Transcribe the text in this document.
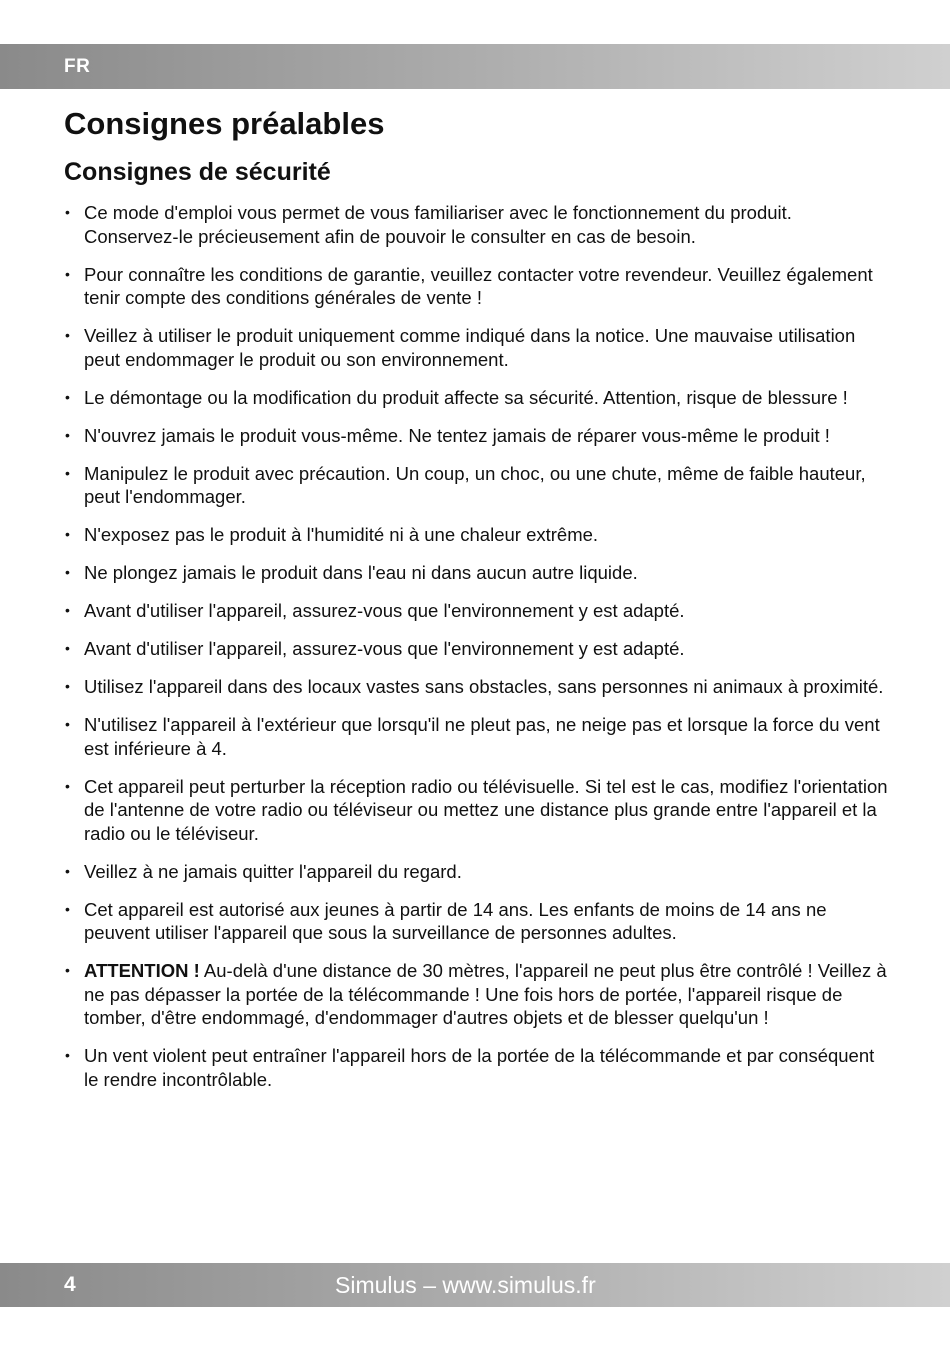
FR
Consignes préalables
Consignes de sécurité
• Ce mode d'emploi vous permet de vous familiariser avec le fonctionnement du produit. Conservez-le précieusement afin de pouvoir le consulter en cas de besoin.
• Pour connaître les conditions de garantie, veuillez contacter votre revendeur. Veuillez également tenir compte des conditions générales de vente !
• Veillez à utiliser le produit uniquement comme indiqué dans la notice. Une mauvaise utilisation peut endommager le produit ou son environnement.
• Le démontage ou la modification du produit affecte sa sécurité. Attention, risque de blessure !
• N'ouvrez jamais le produit vous-même. Ne tentez jamais de réparer vous-même le produit !
• Manipulez le produit avec précaution. Un coup, un choc, ou une chute, même de faible hauteur, peut l'endommager.
• N'exposez pas le produit à l'humidité ni à une chaleur extrême.
• Ne plongez jamais le produit dans l'eau ni dans aucun autre liquide.
• Avant d'utiliser l'appareil, assurez-vous que l'environnement y est adapté.
• Avant d'utiliser l'appareil, assurez-vous que l'environnement y est adapté.
• Utilisez l'appareil dans des locaux vastes sans obstacles, sans personnes ni animaux à proximité.
• N'utilisez l'appareil à l'extérieur que lorsqu'il ne pleut pas, ne neige pas et lorsque la force du vent est inférieure à 4.
• Cet appareil peut perturber la réception radio ou télévisuelle. Si tel est le cas, modifiez l'orientation de l'antenne de votre radio ou téléviseur ou mettez une distance plus grande entre l'appareil et la radio ou le téléviseur.
• Veillez à ne jamais quitter l'appareil du regard.
• Cet appareil est autorisé aux jeunes à partir de 14 ans. Les enfants de moins de 14 ans ne peuvent utiliser l'appareil que sous la surveillance de personnes adultes.
• ATTENTION ! Au-delà d'une distance de 30 mètres, l'appareil ne peut plus être contrôlé ! Veillez à ne pas dépasser la portée de la télécommande ! Une fois hors de portée, l'appareil risque de tomber, d'être endommagé, d'endommager d'autres objets et de blesser quelqu'un !
• Un vent violent peut entraîner l'appareil hors de la portée de la télécommande et par conséquent le rendre incontrôlable.
4	Simulus – www.simulus.fr
